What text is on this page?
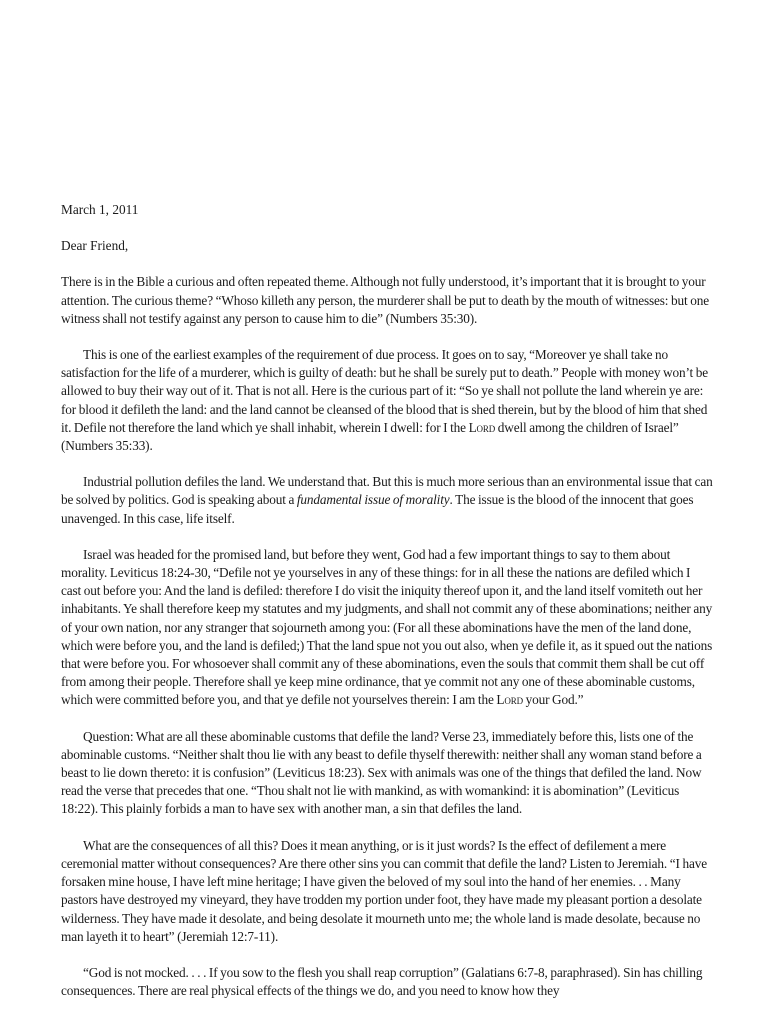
March 1, 2011
Dear Friend,

There is in the Bible a curious and often repeated theme. Although not fully understood, it’s important that it is brought to your attention. The curious theme? “Whoso killeth any person, the murderer shall be put to death by the mouth of witnesses: but one witness shall not testify against any person to cause him to die” (Numbers 35:30).

This is one of the earliest examples of the requirement of due process. It goes on to say, “Moreover ye shall take no satisfaction for the life of a murderer, which is guilty of death: but he shall be surely put to death.” People with money won’t be allowed to buy their way out of it. That is not all. Here is the curious part of it: “So ye shall not pollute the land wherein ye are: for blood it defileth the land: and the land cannot be cleansed of the blood that is shed therein, but by the blood of him that shed it. Defile not therefore the land which ye shall inhabit, wherein I dwell: for I the Lord dwell among the children of Israel” (Numbers 35:33).

Industrial pollution defiles the land. We understand that. But this is much more serious than an environmental issue that can be solved by politics. God is speaking about a fundamental issue of morality. The issue is the blood of the innocent that goes unavenged. In this case, life itself.

Israel was headed for the promised land, but before they went, God had a few important things to say to them about morality. Leviticus 18:24-30, “Defile not ye yourselves in any of these things: for in all these the nations are defiled which I cast out before you: And the land is defiled: therefore I do visit the iniquity thereof upon it, and the land itself vomiteth out her inhabitants. Ye shall therefore keep my statutes and my judgments, and shall not commit any of these abominations; neither any of your own nation, nor any stranger that sojourneth among you: (For all these abominations have the men of the land done, which were before you, and the land is defiled;) That the land spue not you out also, when ye defile it, as it spued out the nations that were before you. For whosoever shall commit any of these abominations, even the souls that commit them shall be cut off from among their people. Therefore shall ye keep mine ordinance, that ye commit not any one of these abominable customs, which were committed before you, and that ye defile not yourselves therein: I am the Lord your God.”

Question: What are all these abominable customs that defile the land? Verse 23, immediately before this, lists one of the abominable customs. “Neither shalt thou lie with any beast to defile thyself therewith: neither shall any woman stand before a beast to lie down thereto: it is confusion” (Leviticus 18:23). Sex with animals was one of the things that defiled the land. Now read the verse that precedes that one. “Thou shalt not lie with mankind, as with womankind: it is abomination” (Leviticus 18:22). This plainly forbids a man to have sex with another man, a sin that defiles the land.

What are the consequences of all this? Does it mean anything, or is it just words? Is the effect of defilement a mere ceremonial matter without consequences? Are there other sins you can commit that defile the land? Listen to Jeremiah. “I have forsaken mine house, I have left mine heritage; I have given the beloved of my soul into the hand of her enemies. . . Many pastors have destroyed my vineyard, they have trodden my portion under foot, they have made my pleasant portion a desolate wilderness. They have made it desolate, and being desolate it mourneth unto me; the whole land is made desolate, because no man layeth it to heart” (Jeremiah 12:7-11).

“God is not mocked. . . . If you sow to the flesh you shall reap corruption” (Galatians 6:7-8, paraphrased). Sin has chilling consequences. There are real physical effects of the things we do, and you need to know how they
